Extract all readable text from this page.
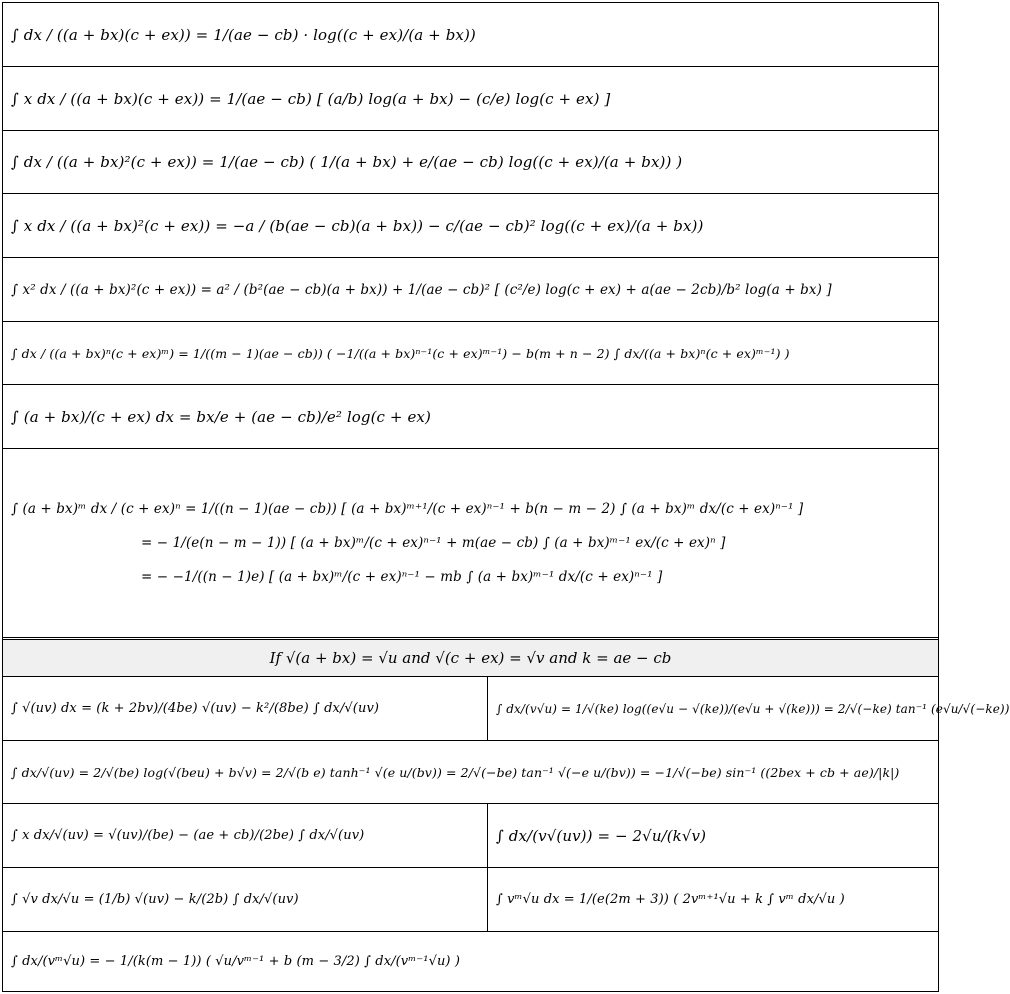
∫ dx / ((a + bx)(c + ex)) = 1/(ae − cb) · log((c + ex)/(a + bx))
∫ x dx / ((a + bx)(c + ex)) = 1/(ae − cb) [ (a/b) log(a + bx) − (c/e) log(c + ex) ]
∫ dx / ((a + bx)²(c + ex)) = 1/(ae − cb) ( 1/(a + bx) + e/(ae − cb) log((c + ex)/(a + bx)) )
∫ x dx / ((a + bx)²(c + ex)) = −a / (b(ae − cb)(a + bx)) − c/(ae − cb)² log((c + ex)/(a + bx))
∫ x² dx / ((a + bx)²(c + ex)) = a² / (b²(ae − cb)(a + bx)) + 1/(ae − cb)² [ (c²/e) log(c + ex) + a(ae − 2cb)/b² log(a + bx) ]
∫ dx / ((a + bx)ⁿ(c + ex)ᵐ) = 1/((m − 1)(ae − cb)) ( −1/((a + bx)ⁿ⁻¹(c + ex)ᵐ⁻¹) − b(m + n − 2) ∫ dx/((a + bx)ⁿ(c + ex)ᵐ⁻¹) )
∫ (a + bx)/(c + ex) dx = bx/e + (ae − cb)/e² log(c + ex)
∫ (a + bx)ᵐ dx / (c + ex)ⁿ = 1/((n − 1)(ae − cb)) [ (a + bx)ᵐ⁺¹/(c + ex)ⁿ⁻¹ + b(n − m − 2) ∫ (a + bx)ᵐ dx/(c + ex)ⁿ⁻¹ ]
= − 1/(e(n − m − 1)) [ (a + bx)ᵐ/(c + ex)ⁿ⁻¹ + m(ae − cb) ∫ (a + bx)ᵐ⁻¹ ex/(c + ex)ⁿ ]
= − −1/((n − 1)e) [ (a + bx)ᵐ/(c + ex)ⁿ⁻¹ − mb ∫ (a + bx)ᵐ⁻¹ dx/(c + ex)ⁿ⁻¹ ]
If √(a + bx) = √u and √(c + ex) = √v and k = ae − cb
∫ √(uv) dx = (k + 2bv)/(4be) √(uv) − k²/(8be) ∫ dx/√(uv)	∫ dx/(v√u) = 1/√(ke) log((e√u − √(ke))/(e√u + √(ke))) = 2/√(−ke) tan⁻¹ (e√u/√(−ke))
∫ dx/√(uv) = 2/√(be) log(√(beu) + b√v) = 2/√(b e) tanh⁻¹ √(e u/(bv)) = 2/√(−be) tan⁻¹ √(−e u/(bv)) = −1/√(−be) sin⁻¹ ((2bex + cb + ae)/|k|)
∫ x dx/√(uv) = √(uv)/(be) − (ae + cb)/(2be) ∫ dx/√(uv)	∫ dx/(v√(uv)) = − 2√u/(k√v)
∫ √v dx/√u = (1/b) √(uv) − k/(2b) ∫ dx/√(uv)	∫ vᵐ√u dx = 1/(e(2m + 3)) ( 2vᵐ⁺¹√u + k ∫ vᵐ dx/√u )
∫ dx/(vᵐ√u) = − 1/(k(m − 1)) ( √u/vᵐ⁻¹ + b (m − 3/2) ∫ dx/(vᵐ⁻¹√u) )
